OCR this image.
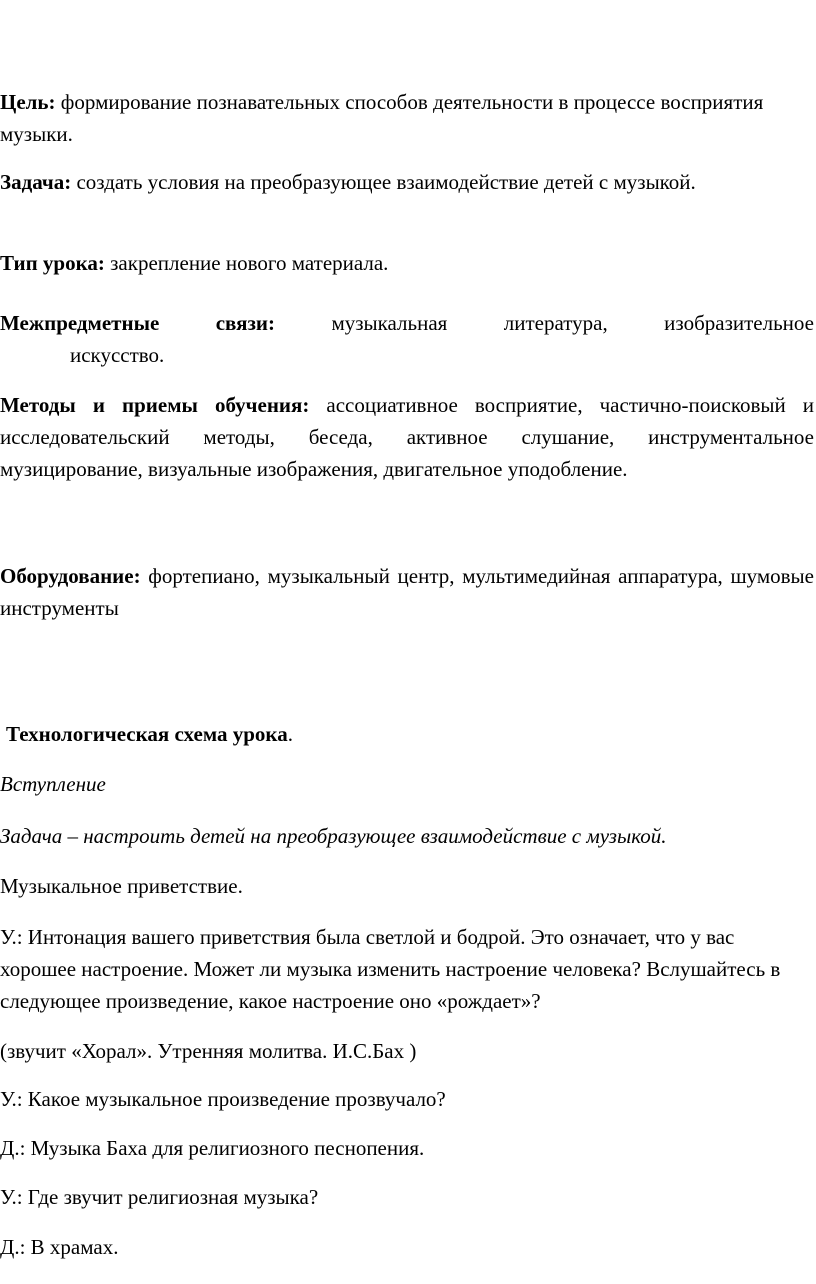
Цель: формирование познавательных способов деятельности в процессе восприятия музыки.

Задача: создать условия на преобразующее взаимодействие детей с музыкой.

Тип урока: закрепление нового материала.

Межпредметные связи: музыкальная литература, изобразительное

искусство.

Методы и приемы обучения: ассоциативное восприятие, частично-поисковый и исследовательский методы, беседа, активное слушание, инструментальное музицирование, визуальные изображения, двигательное уподобление.

Оборудование: фортепиано, музыкальный центр, мультимедийная аппаратура, шумовые инструменты

Технологическая схема урока.

Вступление

Задача – настроить детей на преобразующее взаимодействие с музыкой.

Музыкальное приветствие.

У.: Интонация вашего приветствия была светлой и бодрой. Это означает, что у вас хорошее настроение. Может ли музыка изменить настроение человека? Вслушайтесь в следующее произведение, какое настроение оно «рождает»?

(звучит «Хорал». Утренняя молитва. И.С.Бах )

У.: Какое музыкальное произведение прозвучало?

Д.: Музыка Баха для религиозного песнопения.

У.: Где звучит религиозная музыка?

Д.: В храмах.
